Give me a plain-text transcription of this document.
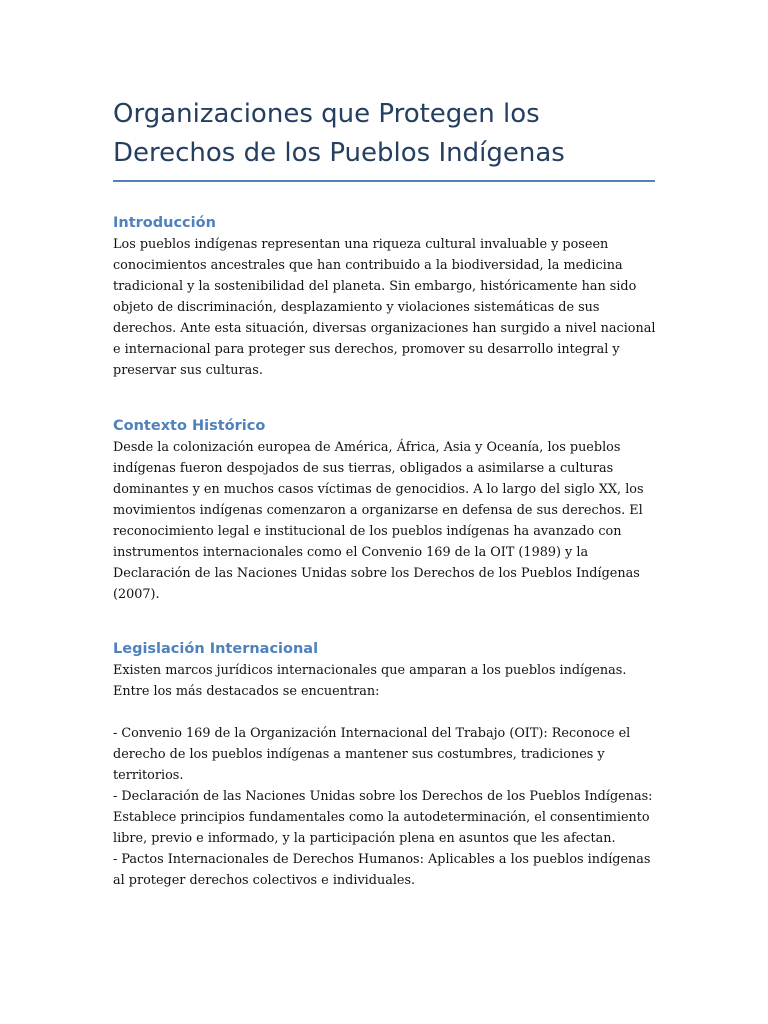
Organizaciones que Protegen los Derechos de los Pueblos Indígenas
Introducción

Los pueblos indígenas representan una riqueza cultural invaluable y poseen conocimientos ancestrales que han contribuido a la biodiversidad, la medicina tradicional y la sostenibilidad del planeta. Sin embargo, históricamente han sido objeto de discriminación, desplazamiento y violaciones sistemáticas de sus derechos. Ante esta situación, diversas organizaciones han surgido a nivel nacional e internacional para proteger sus derechos, promover su desarrollo integral y preservar sus culturas.

Contexto Histórico

Desde la colonización europea de América, África, Asia y Oceanía, los pueblos indígenas fueron despojados de sus tierras, obligados a asimilarse a culturas dominantes y en muchos casos víctimas de genocidios. A lo largo del siglo XX, los movimientos indígenas comenzaron a organizarse en defensa de sus derechos. El reconocimiento legal e institucional de los pueblos indígenas ha avanzado con instrumentos internacionales como el Convenio 169 de la OIT (1989) y la Declaración de las Naciones Unidas sobre los Derechos de los Pueblos Indígenas (2007).

Legislación Internacional

Existen marcos jurídicos internacionales que amparan a los pueblos indígenas. Entre los más destacados se encuentran:

- Convenio 169 de la Organización Internacional del Trabajo (OIT): Reconoce el derecho de los pueblos indígenas a mantener sus costumbres, tradiciones y territorios.
- Declaración de las Naciones Unidas sobre los Derechos de los Pueblos Indígenas: Establece principios fundamentales como la autodeterminación, el consentimiento libre, previo e informado, y la participación plena en asuntos que les afectan.
- Pactos Internacionales de Derechos Humanos: Aplicables a los pueblos indígenas al proteger derechos colectivos e individuales.
